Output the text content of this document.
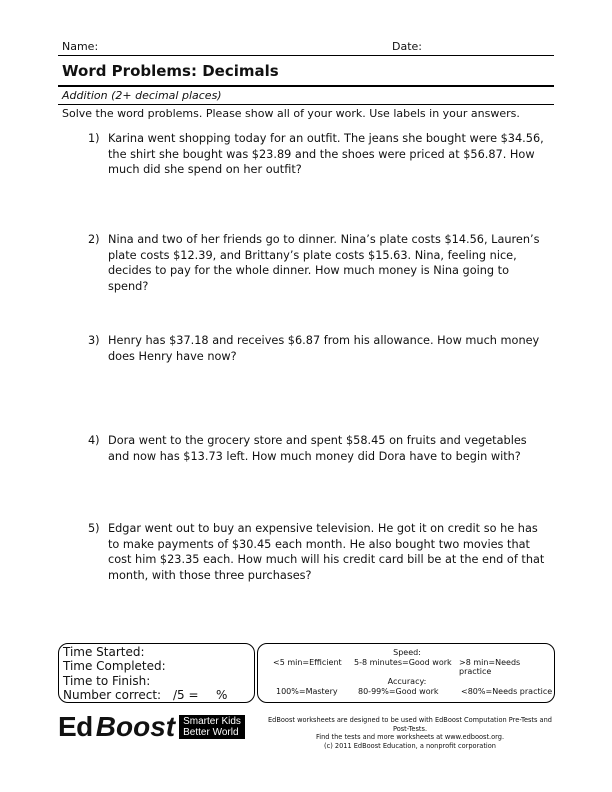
Name:	Date:
Word Problems: Decimals
Addition (2+ decimal places)
Solve the word problems. Please show all of your work. Use labels in your answers.
1) Karina went shopping today for an outfit. The jeans she bought were $34.56, the shirt she bought was $23.89 and the shoes were priced at $56.87. How much did she spend on her outfit?
2) Nina and two of her friends go to dinner. Nina’s plate costs $14.56, Lauren’s plate costs $12.39, and Brittany’s plate costs $15.63. Nina, feeling nice, decides to pay for the whole dinner. How much money is Nina going to spend?
3) Henry has $37.18 and receives $6.87 from his allowance. How much money does Henry have now?
4) Dora went to the grocery store and spent $58.45 on fruits and vegetables and now has $13.73 left. How much money did Dora have to begin with?
5) Edgar went out to buy an expensive television. He got it on credit so he has to make payments of $30.45 each month. He also bought two movies that cost him $23.35 each. How much will his credit card bill be at the end of that month, with those three purchases?
Time Started:
Time Completed:
Time to Finish:
Number correct: /5 = %
Speed:
<5 min=Efficient 5-8 minutes=Good work >8 min=Needs practice
Accuracy:
100%=Mastery	80-99%=Good work	<80%=Needs practice
Ed Boost Smarter Kids
Better World
EdBoost worksheets are designed to be used with EdBoost Computation Pre-Tests and Post-Tests.
Find the tests and more worksheets at www.edboost.org.
(c) 2011 EdBoost Education, a nonprofit corporation
